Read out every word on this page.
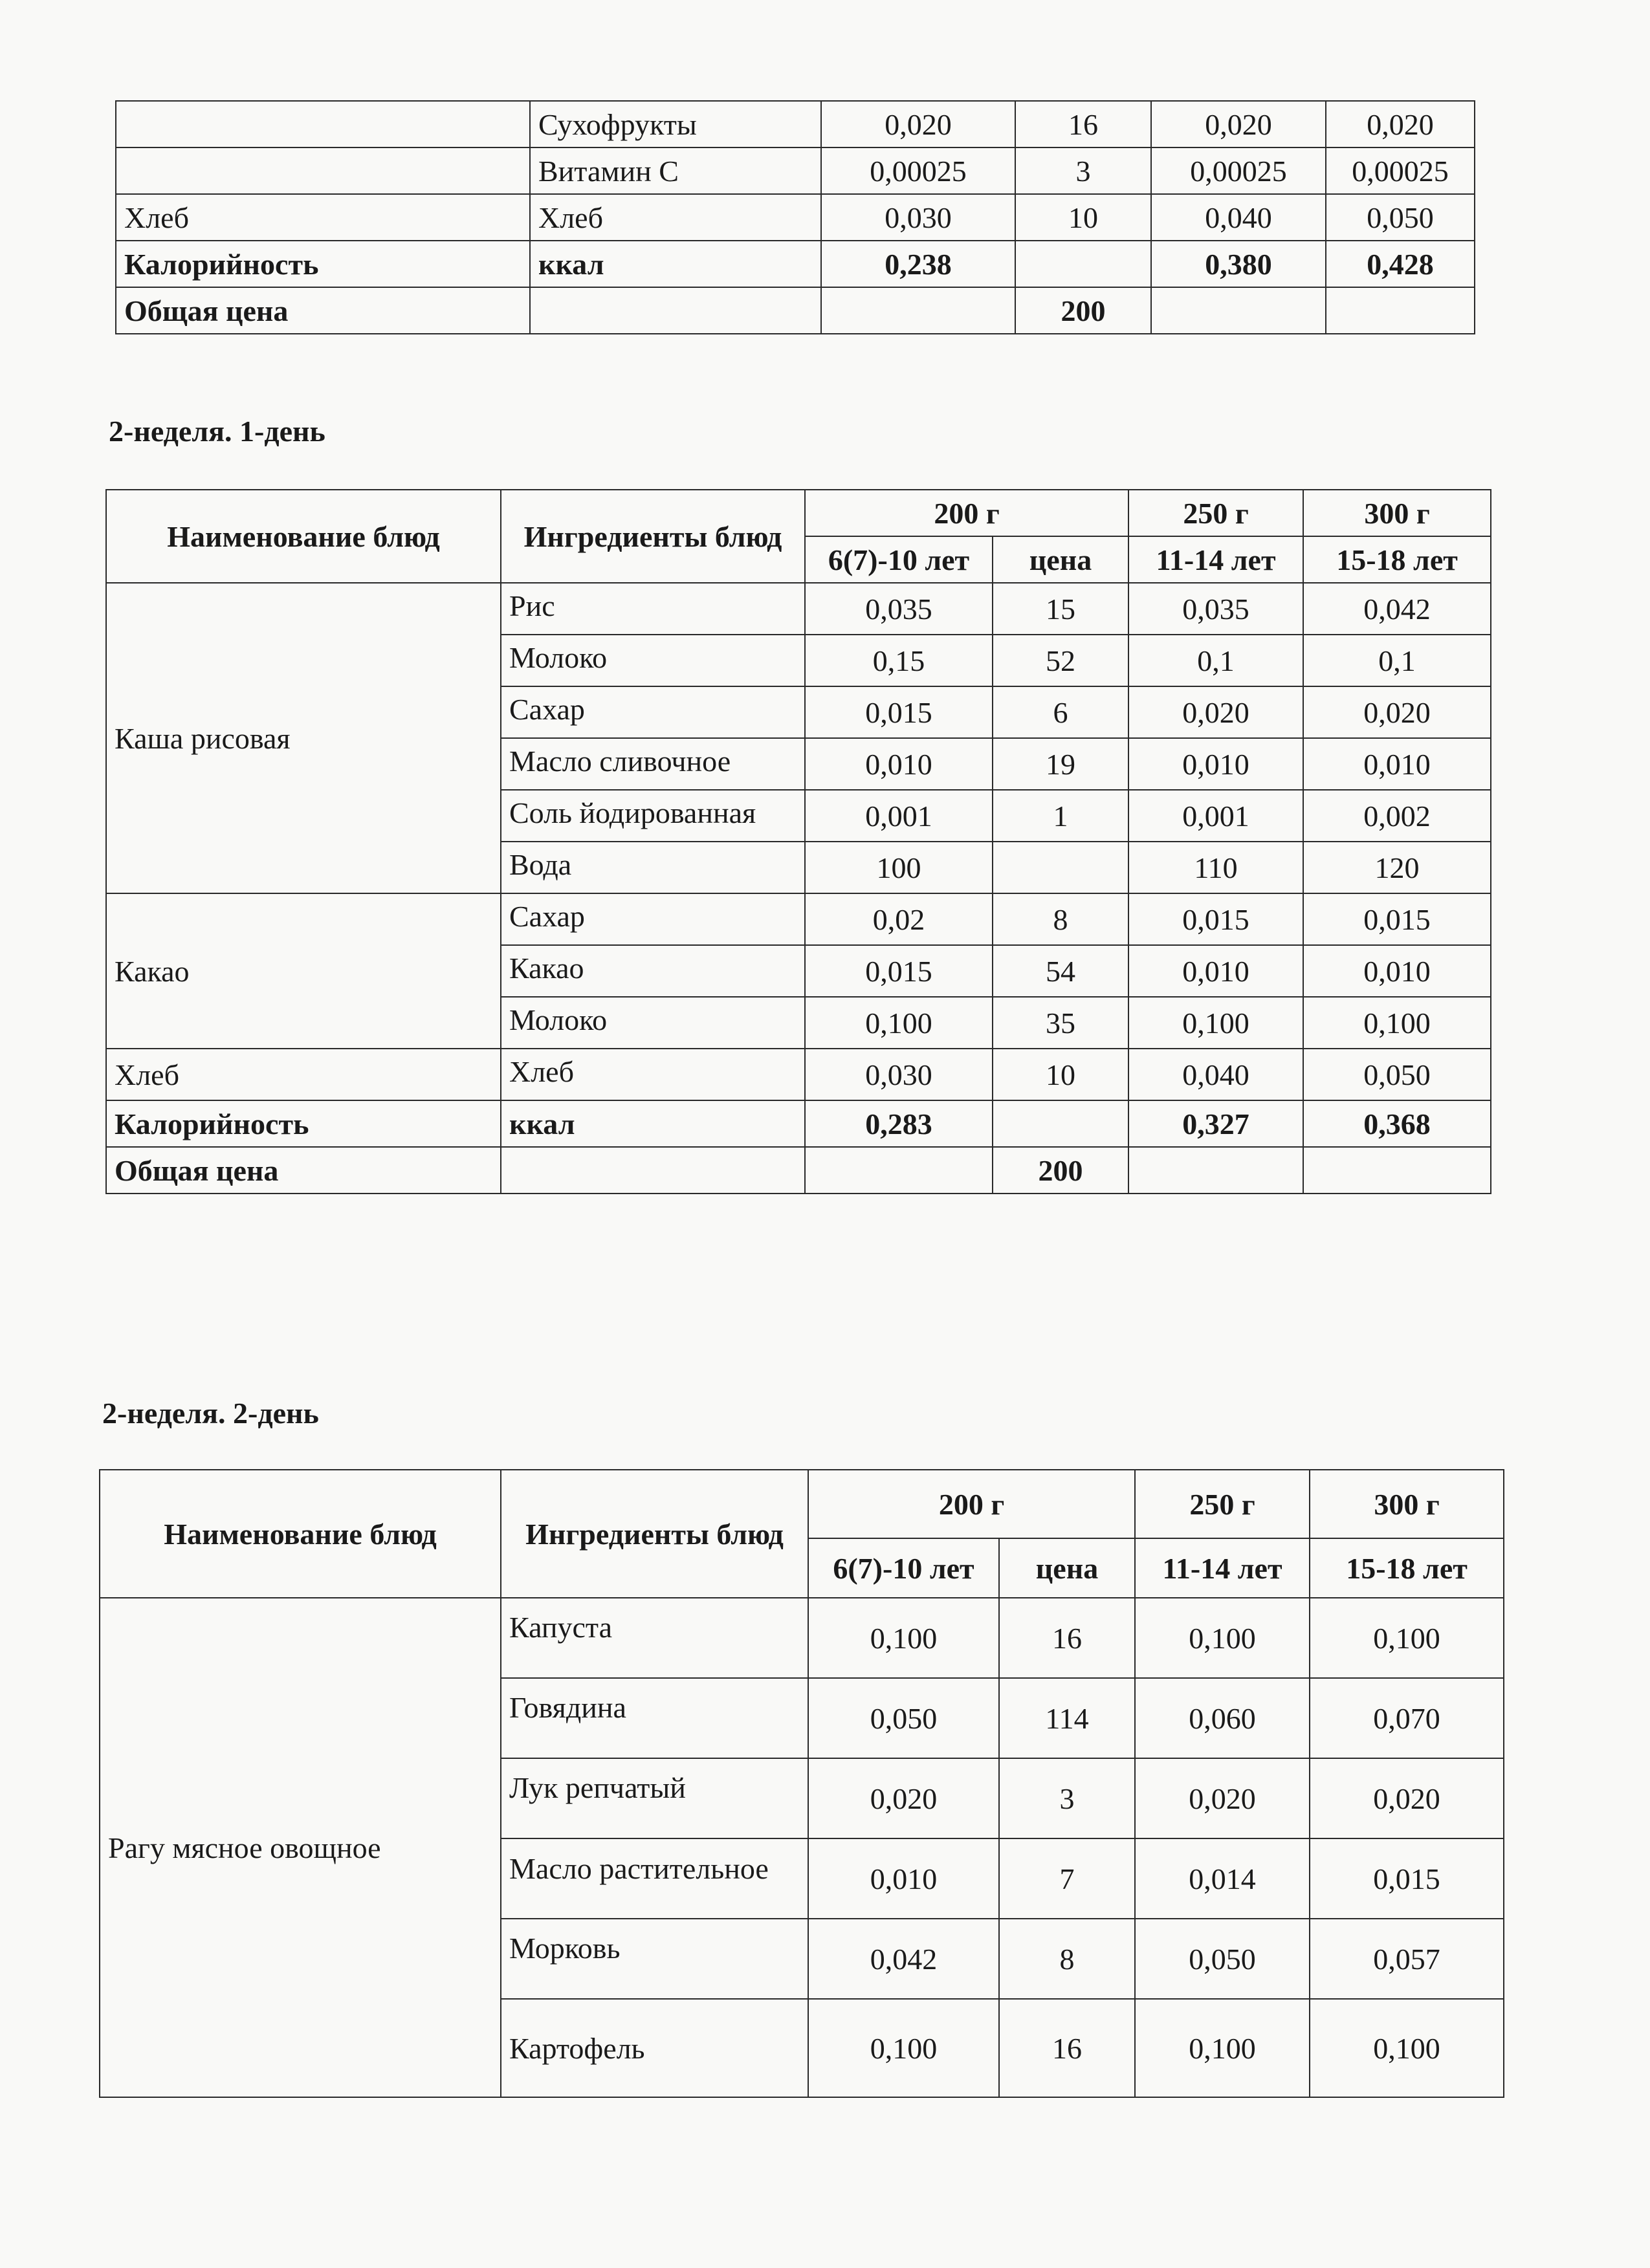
	Сухофрукты	0,020	16	0,020	0,020
	Витамин С	0,00025	3	0,00025	0,00025
Хлеб	Хлеб	0,030	10	0,040	0,050
Калорийность	ккал	0,238		0,380	0,428
Общая цена			200		
2-неделя. 1-день
Наименование блюд	Ингредиенты блюд	200 г		250 г	300 г
		6(7)-10 лет	цена	11-14 лет	15-18 лет
Каша рисовая	Рис	0,035	15	0,035	0,042
	Молоко	0,15	52	0,1	0,1
	Сахар	0,015	6	0,020	0,020
	Масло сливочное	0,010	19	0,010	0,010
	Соль йодированная	0,001	1	0,001	0,002
	Вода	100		110	120
Какао	Сахар	0,02	8	0,015	0,015
	Какао	0,015	54	0,010	0,010
	Молоко	0,100	35	0,100	0,100
Хлеб	Хлеб	0,030	10	0,040	0,050
Калорийность	ккал	0,283		0,327	0,368
Общая цена			200		
2-неделя. 2-день
Наименование блюд	Ингредиенты блюд	200 г		250 г	300 г
		6(7)-10 лет	цена	11-14 лет	15-18 лет
Рагу мясное овощное	Капуста	0,100	16	0,100	0,100
	Говядина	0,050	114	0,060	0,070
	Лук репчатый	0,020	3	0,020	0,020
	Масло растительное	0,010	7	0,014	0,015
	Морковь	0,042	8	0,050	0,057
	Картофель	0,100	16	0,100	0,100
